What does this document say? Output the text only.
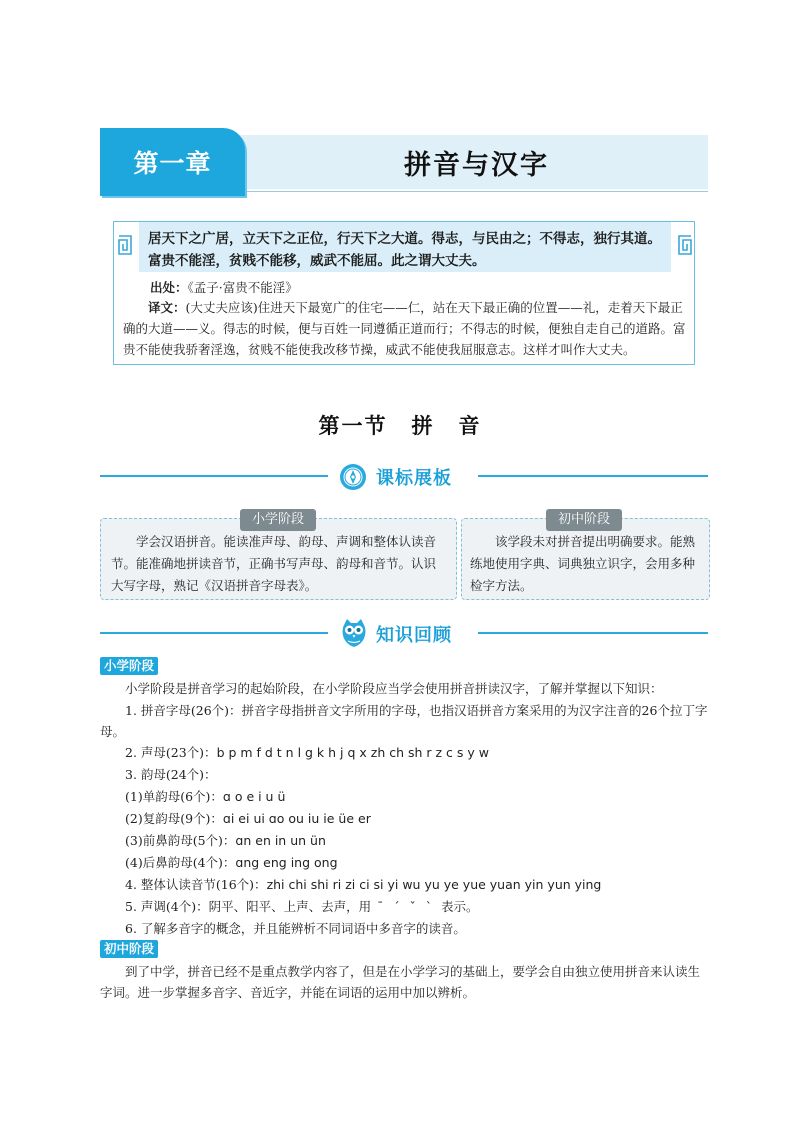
第一章	拼音与汉字
居天下之广居，立天下之正位，行天下之大道。得志，与民由之；不得志，独行其道。富贵不能淫，贫贱不能移，威武不能屈。此之谓大丈夫。
出处：《孟子·富贵不能淫》
译文：(大丈夫应该)住进天下最宽广的住宅——仁，站在天下最正确的位置——礼，走着天下最正确的大道——义。得志的时候，便与百姓一同遵循正道而行；不得志的时候，便独自走自己的道路。富贵不能使我骄奢淫逸，贫贱不能使我改移节操，威武不能使我屈服意志。这样才叫作大丈夫。
第一节 拼 音
课标展板
小学阶段
学会汉语拼音。能读准声母、韵母、声调和整体认读音节。能准确地拼读音节，正确书写声母、韵母和音节。认识大写字母，熟记《汉语拼音字母表》。
初中阶段
该学段未对拼音提出明确要求。能熟练地使用字典、词典独立识字，会用多种检字方法。
知识回顾
小学阶段
小学阶段是拼音学习的起始阶段，在小学阶段应当学会使用拼音拼读汉字，了解并掌握以下知识：
1. 拼音字母(26个)：拼音字母指拼音文字所用的字母，也指汉语拼音方案采用的为汉字注音的26个拉丁字母。
2. 声母(23个)：b p m f d t n l g k h j q x zh ch sh r z c s y w
3. 韵母(24个)：
(1)单韵母(6个)：ɑ o e i u ü
(2)复韵母(9个)：ɑi ei ui ɑo ou iu ie üe er
(3)前鼻韵母(5个)：ɑn en in un ün
(4)后鼻韵母(4个)：ɑng eng ing ong
4. 整体认读音节(16个)：zhi chi shi ri zi ci si yi wu yu ye yue yuan yin yun ying
5. 声调(4个)：阴平、阳平、上声、去声，用 ˉ ˊ ˇ ˋ 表示。
6. 了解多音字的概念，并且能辨析不同词语中多音字的读音。
初中阶段
到了中学，拼音已经不是重点教学内容了，但是在小学学习的基础上，要学会自由独立使用拼音来认读生字词。进一步掌握多音字、音近字，并能在词语的运用中加以辨析。
